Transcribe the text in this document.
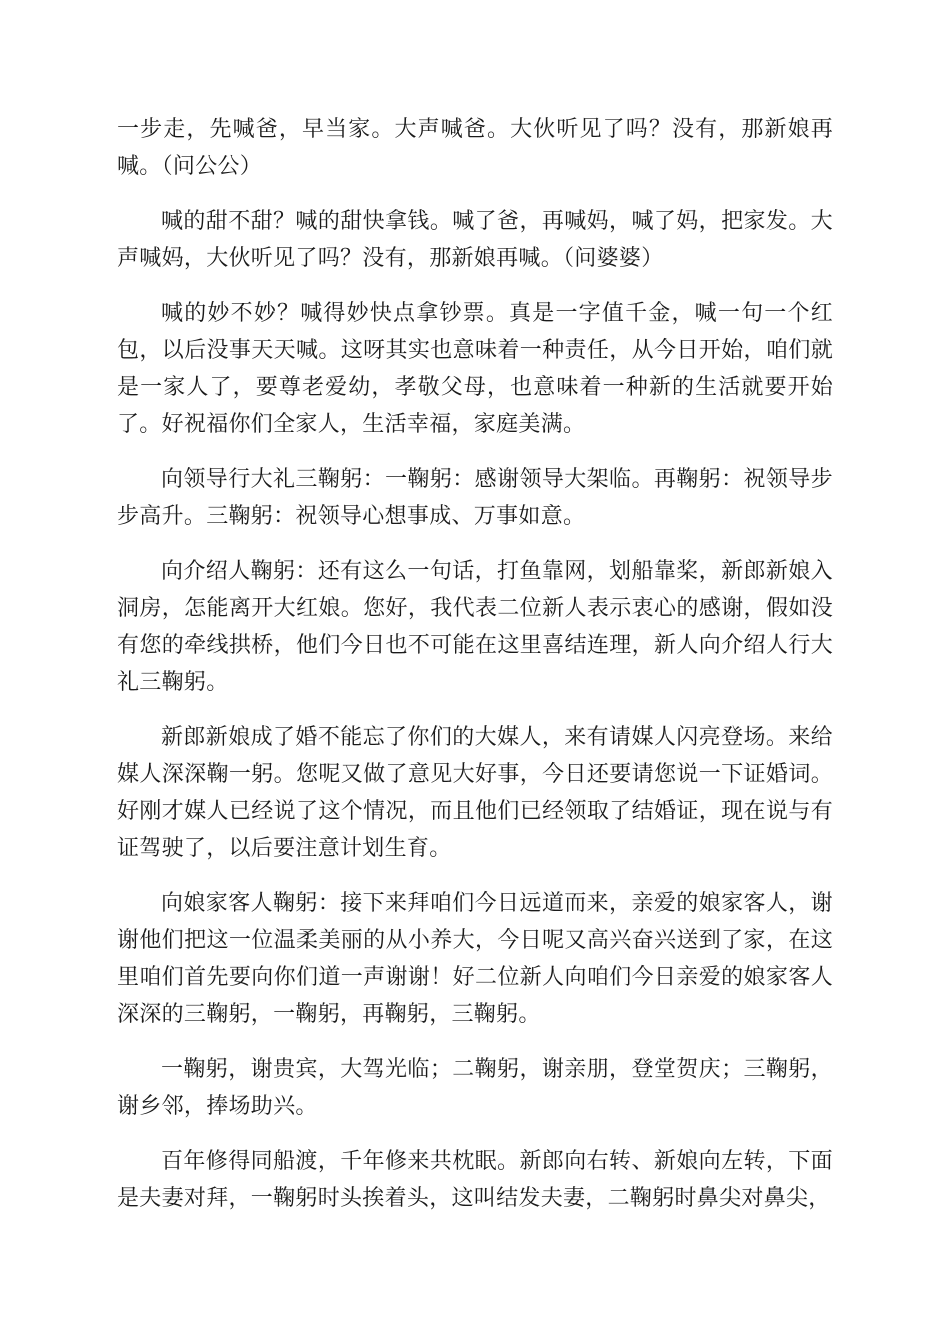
一步走，先喊爸，早当家。大声喊爸。大伙听见了吗？没有，那新娘再喊。（问公公）

喊的甜不甜？喊的甜快拿钱。喊了爸，再喊妈，喊了妈，把家发。大声喊妈，大伙听见了吗？没有，那新娘再喊。（问婆婆）

喊的妙不妙？喊得妙快点拿钞票。真是一字值千金，喊一句一个红包，以后没事天天喊。这呀其实也意味着一种责任，从今日开始，咱们就是一家人了，要尊老爱幼，孝敬父母，也意味着一种新的生活就要开始了。好祝福你们全家人，生活幸福，家庭美满。

向领导行大礼三鞠躬：一鞠躬：感谢领导大架临。再鞠躬：祝领导步步高升。三鞠躬：祝领导心想事成、万事如意。

向介绍人鞠躬：还有这么一句话，打鱼靠网，划船靠桨，新郎新娘入洞房，怎能离开大红娘。您好，我代表二位新人表示衷心的感谢，假如没有您的牵线拱桥，他们今日也不可能在这里喜结连理，新人向介绍人行大礼三鞠躬。

新郎新娘成了婚不能忘了你们的大媒人，来有请媒人闪亮登场。来给媒人深深鞠一躬。您呢又做了意见大好事，今日还要请您说一下证婚词。好刚才媒人已经说了这个情况，而且他们已经领取了结婚证，现在说与有证驾驶了，以后要注意计划生育。

向娘家客人鞠躬：接下来拜咱们今日远道而来，亲爱的娘家客人，谢谢他们把这一位温柔美丽的从小养大，今日呢又高兴奋兴送到了家，在这里咱们首先要向你们道一声谢谢！好二位新人向咱们今日亲爱的娘家客人深深的三鞠躬，一鞠躬，再鞠躬，三鞠躬。

一鞠躬，谢贵宾，大驾光临；二鞠躬，谢亲朋，登堂贺庆；三鞠躬，谢乡邻，捧场助兴。

百年修得同船渡，千年修来共枕眠。新郎向右转、新娘向左转，下面是夫妻对拜，一鞠躬时头挨着头，这叫结发夫妻，二鞠躬时鼻尖对鼻尖，
